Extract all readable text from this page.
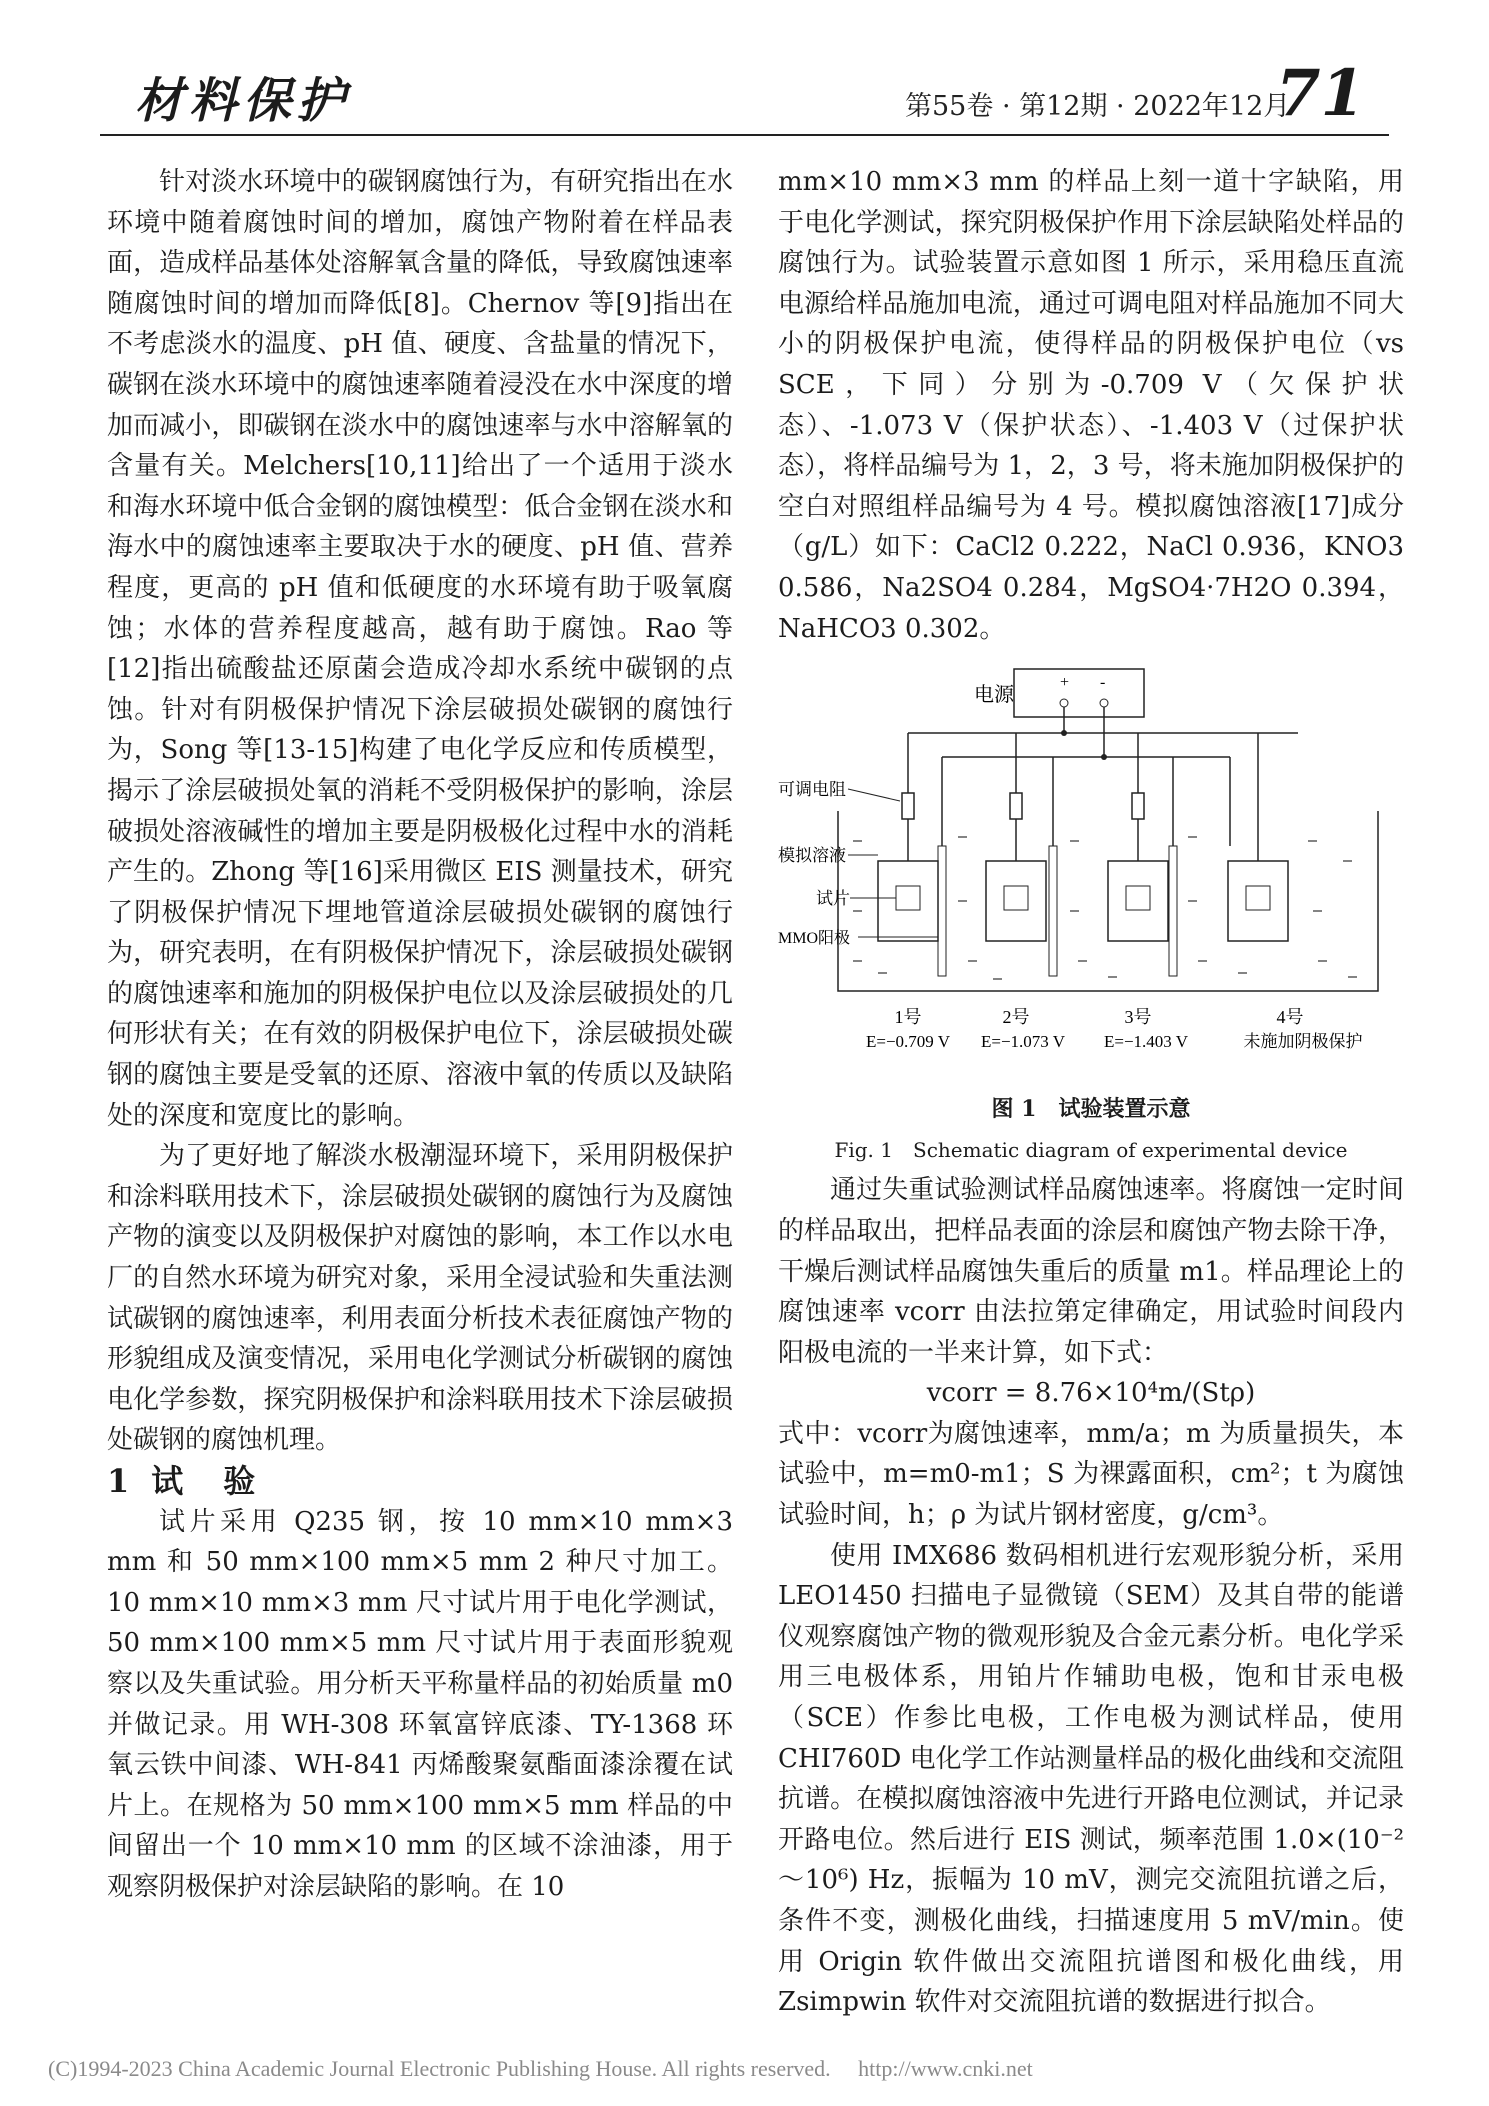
材料保护	第55卷 · 第12期 · 2022年12月
71

针对淡水环境中的碳钢腐蚀行为，有研究指出在水环境中随着腐蚀时间的增加，腐蚀产物附着在样品表面，造成样品基体处溶解氧含量的降低，导致腐蚀速率随腐蚀时间的增加而降低[8]。Chernov 等[9]指出在不考虑淡水的温度、pH 值、硬度、含盐量的情况下，碳钢在淡水环境中的腐蚀速率随着浸没在水中深度的增加而减小，即碳钢在淡水中的腐蚀速率与水中溶解氧的含量有关。Melchers[10,11]给出了一个适用于淡水和海水环境中低合金钢的腐蚀模型：低合金钢在淡水和海水中的腐蚀速率主要取决于水的硬度、pH 值、营养程度，更高的 pH 值和低硬度的水环境有助于吸氧腐蚀；水体的营养程度越高，越有助于腐蚀。Rao 等[12]指出硫酸盐还原菌会造成冷却水系统中碳钢的点蚀。针对有阴极保护情况下涂层破损处碳钢的腐蚀行为，Song 等[13-15]构建了电化学反应和传质模型，揭示了涂层破损处氧的消耗不受阴极保护的影响，涂层破损处溶液碱性的增加主要是阴极极化过程中水的消耗产生的。Zhong 等[16]采用微区 EIS 测量技术，研究了阴极保护情况下埋地管道涂层破损处碳钢的腐蚀行为，研究表明，在有阴极保护情况下，涂层破损处碳钢的腐蚀速率和施加的阴极保护电位以及涂层破损处的几何形状有关；在有效的阴极保护电位下，涂层破损处碳钢的腐蚀主要是受氧的还原、溶液中氧的传质以及缺陷处的深度和宽度比的影响。

为了更好地了解淡水极潮湿环境下，采用阴极保护和涂料联用技术下，涂层破损处碳钢的腐蚀行为及腐蚀产物的演变以及阴极保护对腐蚀的影响，本工作以水电厂的自然水环境为研究对象，采用全浸试验和失重法测试碳钢的腐蚀速率，利用表面分析技术表征腐蚀产物的形貌组成及演变情况，采用电化学测试分析碳钢的腐蚀电化学参数，探究阴极保护和涂料联用技术下涂层破损处碳钢的腐蚀机理。

1 试　验

试片采用 Q235 钢，按 10 mm×10 mm×3 mm 和 50 mm×100 mm×5 mm 2 种尺寸加工。10 mm×10 mm×3 mm 尺寸试片用于电化学测试，50 mm×100 mm×5 mm 尺寸试片用于表面形貌观察以及失重试验。用分析天平称量样品的初始质量 m0并做记录。用 WH-308 环氧富锌底漆、TY-1368 环氧云铁中间漆、WH-841 丙烯酸聚氨酯面漆涂覆在试片上。在规格为 50 mm×100 mm×5 mm 样品的中间留出一个 10 mm×10 mm 的区域不涂油漆，用于观察阴极保护对涂层缺陷的影响。在 10

mm×10 mm×3 mm 的样品上刻一道十字缺陷，用于电化学测试，探究阴极保护作用下涂层缺陷处样品的腐蚀行为。试验装置示意如图 1 所示，采用稳压直流电源给样品施加电流，通过可调电阻对样品施加不同大小的阴极保护电流，使得样品的阴极保护电位（vs SCE，下同）分别为-0.709 V（欠保护状态）、-1.073 V（保护状态）、-1.403 V（过保护状态），将样品编号为 1，2，3 号，将未施加阴极保护的空白对照组样品编号为 4 号。模拟腐蚀溶液[17]成分（g/L）如下：CaCl2 0.222，NaCl 0.936，KNO3 0.586，Na2SO4 0.284，MgSO4·7H2O 0.394，NaHCO3 0.302。

电源
+ -
可调电阻
模拟溶液
试片
MMO阳极
1号
E=−0.709 V
2号
E=−1.073 V
3号
E=−1.403 V
4号
未施加阴极保护

图 1　试验装置示意

Fig. 1　Schematic diagram of experimental device

通过失重试验测试样品腐蚀速率。将腐蚀一定时间的样品取出，把样品表面的涂层和腐蚀产物去除干净，干燥后测试样品腐蚀失重后的质量 m1。样品理论上的腐蚀速率 vcorr 由法拉第定律确定，用试验时间段内阳极电流的一半来计算，如下式：

vcorr = 8.76×10⁴m/(Stρ)

式中：vcorr为腐蚀速率，mm/a；m 为质量损失，本试验中，m=m0-m1；S 为裸露面积，cm²；t 为腐蚀试验时间，h；ρ 为试片钢材密度，g/cm³。

使用 IMX686 数码相机进行宏观形貌分析，采用 LEO1450 扫描电子显微镜（SEM）及其自带的能谱仪观察腐蚀产物的微观形貌及合金元素分析。电化学采用三电极体系，用铂片作辅助电极，饱和甘汞电极（SCE）作参比电极，工作电极为测试样品，使用 CHI760D 电化学工作站测量样品的极化曲线和交流阻抗谱。在模拟腐蚀溶液中先进行开路电位测试，并记录开路电位。然后进行 EIS 测试，频率范围 1.0×(10⁻²～10⁶) Hz，振幅为 10 mV，测完交流阻抗谱之后，条件不变，测极化曲线，扫描速度用 5 mV/min。使用 Origin 软件做出交流阻抗谱图和极化曲线，用 Zsimpwin 软件对交流阻抗谱的数据进行拟合。

(C)1994-2023 China Academic Journal Electronic Publishing House. All rights reserved.　 http://www.cnki.net
